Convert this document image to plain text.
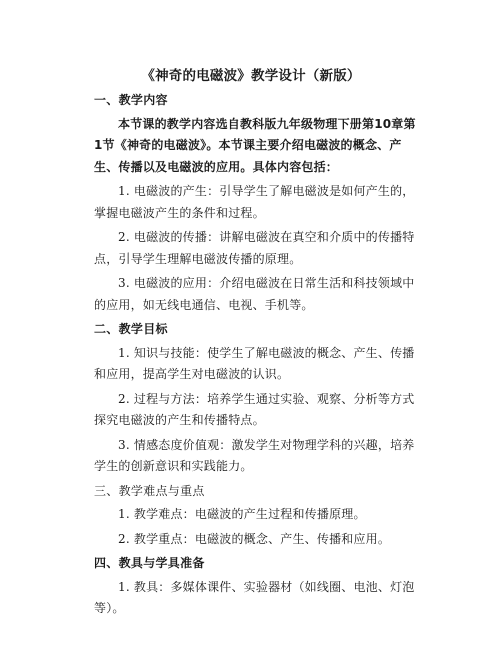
《神奇的电磁波》教学设计（新版）
一、教学内容
本节课的教学内容选自教科版九年级物理下册第10章第1节《神奇的电磁波》。本节课主要介绍电磁波的概念、产生、传播以及电磁波的应用。具体内容包括：
1. 电磁波的产生：引导学生了解电磁波是如何产生的，掌握电磁波产生的条件和过程。
2. 电磁波的传播：讲解电磁波在真空和介质中的传播特点，引导学生理解电磁波传播的原理。
3. 电磁波的应用：介绍电磁波在日常生活和科技领域中的应用，如无线电通信、电视、手机等。
二、教学目标
1. 知识与技能：使学生了解电磁波的概念、产生、传播和应用，提高学生对电磁波的认识。
2. 过程与方法：培养学生通过实验、观察、分析等方式探究电磁波的产生和传播特点。
3. 情感态度价值观：激发学生对物理学科的兴趣，培养学生的创新意识和实践能力。
三、教学难点与重点
1. 教学难点：电磁波的产生过程和传播原理。
2. 教学重点：电磁波的概念、产生、传播和应用。
四、教具与学具准备
1. 教具：多媒体课件、实验器材（如线圈、电池、灯泡等）。
